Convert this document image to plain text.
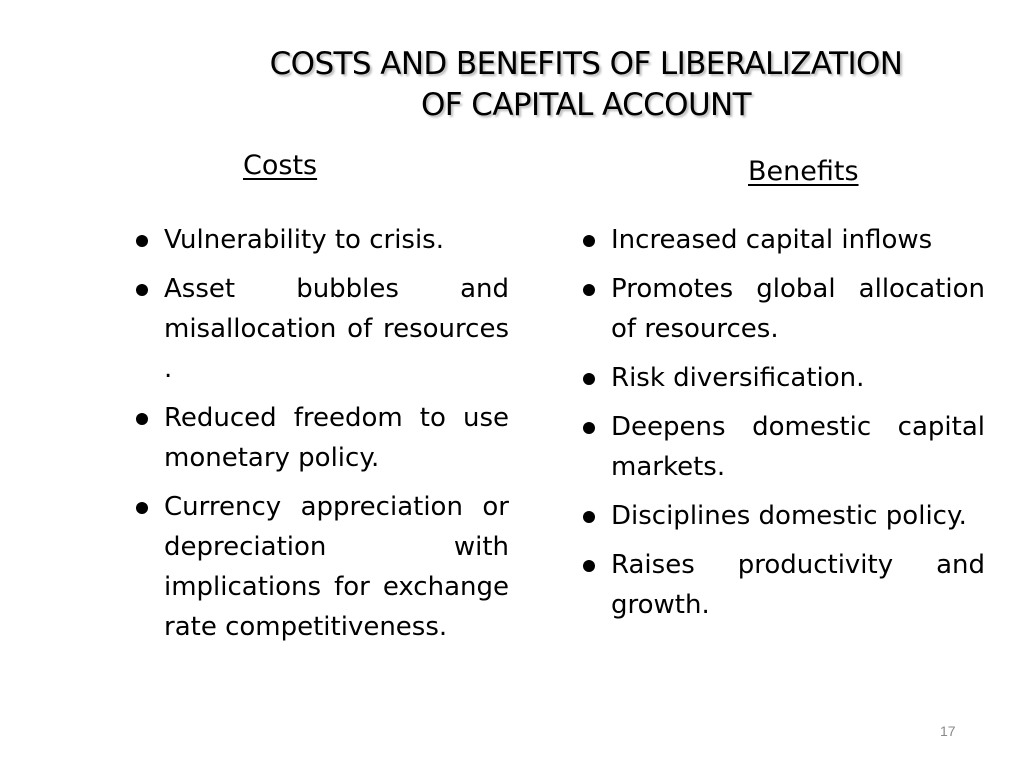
COSTS AND BENEFITS OF LIBERALIZATION
OF CAPITAL ACCOUNT
Costs	Benefits
Vulnerability to crisis.
Asset bubbles and misallocation of resources .
Reduced freedom to use monetary policy.
Currency appreciation or depreciation with implications for exchange rate competitiveness.
Increased capital inflows
Promotes global allocation of resources.
Risk diversification.
Deepens domestic capital markets.
Disciplines domestic policy.
Raises productivity and growth.
17
